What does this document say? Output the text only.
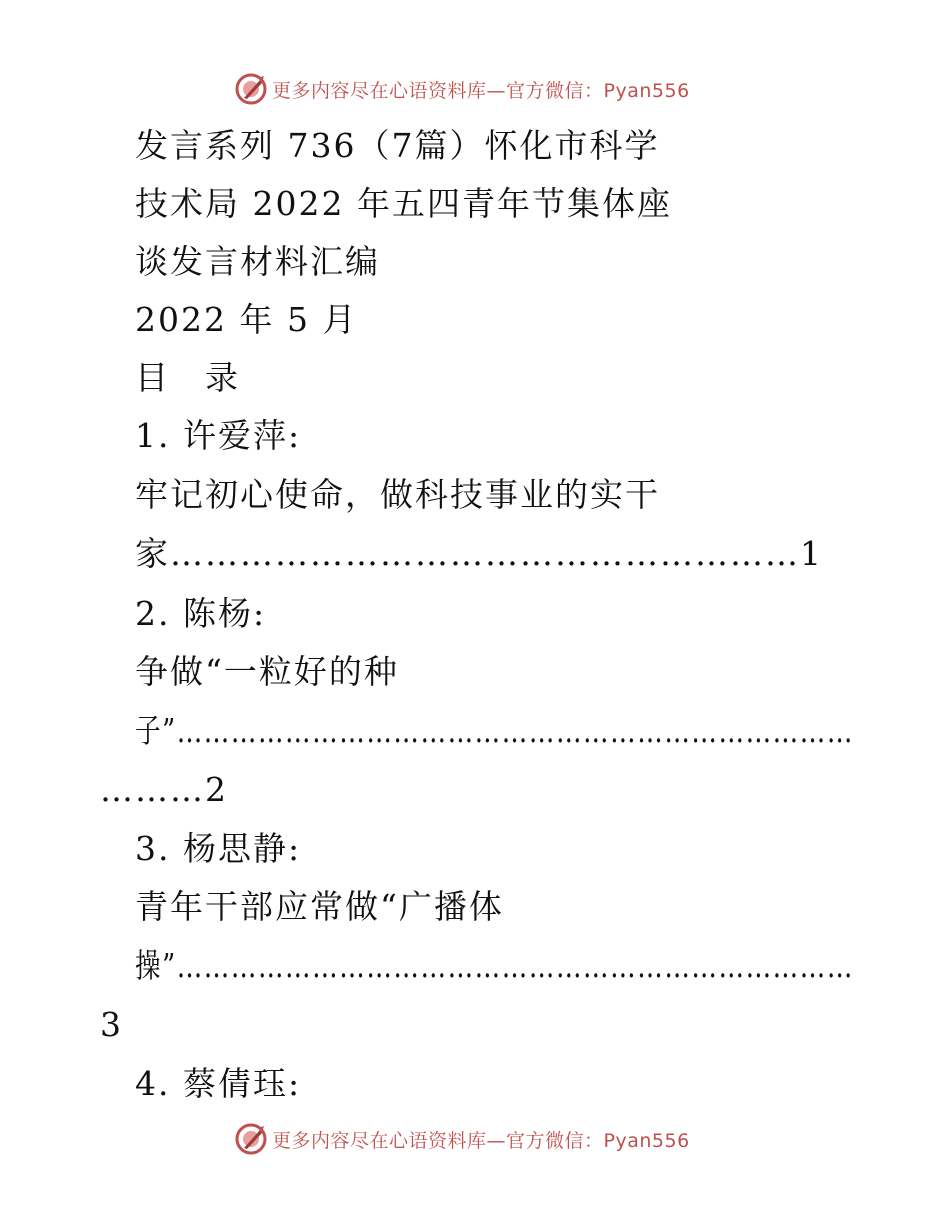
更多内容尽在心语资料库—官方微信：Pyan556
发言系列 736（7篇）怀化市科学
技术局 2022 年五四青年节集体座
谈发言材料汇编
2022 年 5 月
目　录
1. 许爱萍:
牢记初心使命，做科技事业的实干
家………………………………………………1
2. 陈杨:
争做“一粒好的种
子”…………………………………………………………………
………2
3. 杨思静:
青年干部应常做“广播体
操”…………………………………………………………………
3
4. 蔡倩珏:
更多内容尽在心语资料库—官方微信：Pyan556
